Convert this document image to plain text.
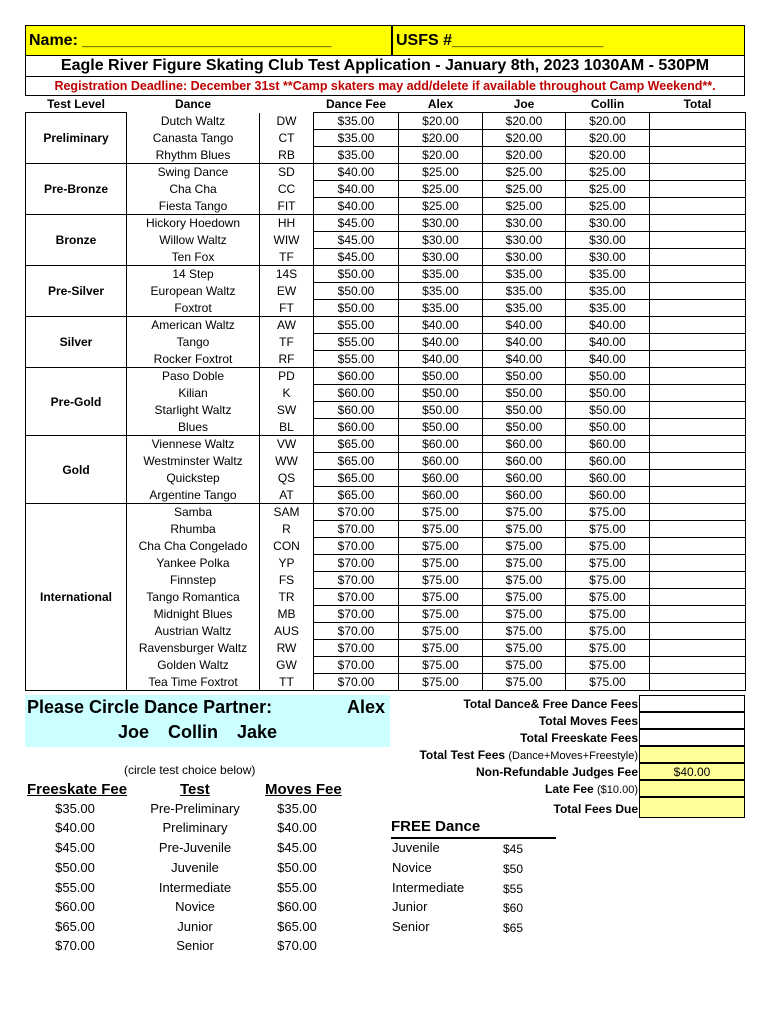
Name: ____________________________	USFS #_________________
Eagle River Figure Skating Club Test Application - January 8th, 2023 1030AM - 530PM
Registration Deadline: December 31st **Camp skaters may add/delete if available throughout Camp Weekend**.
Test Level	Dance		Dance Fee	Alex	Joe	Collin	Total
Preliminary	Dutch Waltz	DW	$35.00	$20.00	$20.00	$20.00	
	Canasta Tango	CT	$35.00	$20.00	$20.00	$20.00	
	Rhythm Blues	RB	$35.00	$20.00	$20.00	$20.00	
Pre-Bronze	Swing Dance	SD	$40.00	$25.00	$25.00	$25.00	
	Cha Cha	CC	$40.00	$25.00	$25.00	$25.00	
	Fiesta Tango	FIT	$40.00	$25.00	$25.00	$25.00	
Bronze	Hickory Hoedown	HH	$45.00	$30.00	$30.00	$30.00	
	Willow Waltz	WIW	$45.00	$30.00	$30.00	$30.00	
	Ten Fox	TF	$45.00	$30.00	$30.00	$30.00	
Pre-Silver	14 Step	14S	$50.00	$35.00	$35.00	$35.00	
	European Waltz	EW	$50.00	$35.00	$35.00	$35.00	
	Foxtrot	FT	$50.00	$35.00	$35.00	$35.00	
Silver	American Waltz	AW	$55.00	$40.00	$40.00	$40.00	
	Tango	TF	$55.00	$40.00	$40.00	$40.00	
	Rocker Foxtrot	RF	$55.00	$40.00	$40.00	$40.00	
Pre-Gold	Paso Doble	PD	$60.00	$50.00	$50.00	$50.00	
	Kilian	K	$60.00	$50.00	$50.00	$50.00	
	Starlight Waltz	SW	$60.00	$50.00	$50.00	$50.00	
	Blues	BL	$60.00	$50.00	$50.00	$50.00	
Gold	Viennese Waltz	VW	$65.00	$60.00	$60.00	$60.00	
	Westminster Waltz	WW	$65.00	$60.00	$60.00	$60.00	
	Quickstep	QS	$65.00	$60.00	$60.00	$60.00	
	Argentine Tango	AT	$65.00	$60.00	$60.00	$60.00	
International	Samba	SAM	$70.00	$75.00	$75.00	$75.00	
	Rhumba	R	$70.00	$75.00	$75.00	$75.00	
	Cha Cha Congelado	CON	$70.00	$75.00	$75.00	$75.00	
	Yankee Polka	YP	$70.00	$75.00	$75.00	$75.00	
	Finnstep	FS	$70.00	$75.00	$75.00	$75.00	
	Tango Romantica	TR	$70.00	$75.00	$75.00	$75.00	
	Midnight Blues	MB	$70.00	$75.00	$75.00	$75.00	
	Austrian Waltz	AUS	$70.00	$75.00	$75.00	$75.00	
	Ravensburger Waltz	RW	$70.00	$75.00	$75.00	$75.00	
	Golden Waltz	GW	$70.00	$75.00	$75.00	$75.00	
	Tea Time Foxtrot	TT	$70.00	$75.00	$75.00	$75.00	
Please Circle Dance Partner:	Alex
Joe Collin Jake
Total Dance& Free Dance Fees
Total Moves Fees
Total Freeskate Fees
Total Test Fees (Dance+Moves+Freestyle)
Non-Refundable Judges Fee	$40.00
Late Fee ($10.00)
Total Fees Due
(circle test choice below)
Freeskate Fee	Test	Moves Fee
$35.00	Pre-Preliminary	$35.00
$40.00	Preliminary	$40.00
$45.00	Pre-Juvenile	$45.00
$50.00	Juvenile	$50.00
$55.00	Intermediate	$55.00
$60.00	Novice	$60.00
$65.00	Junior	$65.00
$70.00	Senior	$70.00
FREE Dance
Juvenile	$45
Novice	$50
Intermediate	$55
Junior	$60
Senior	$65
